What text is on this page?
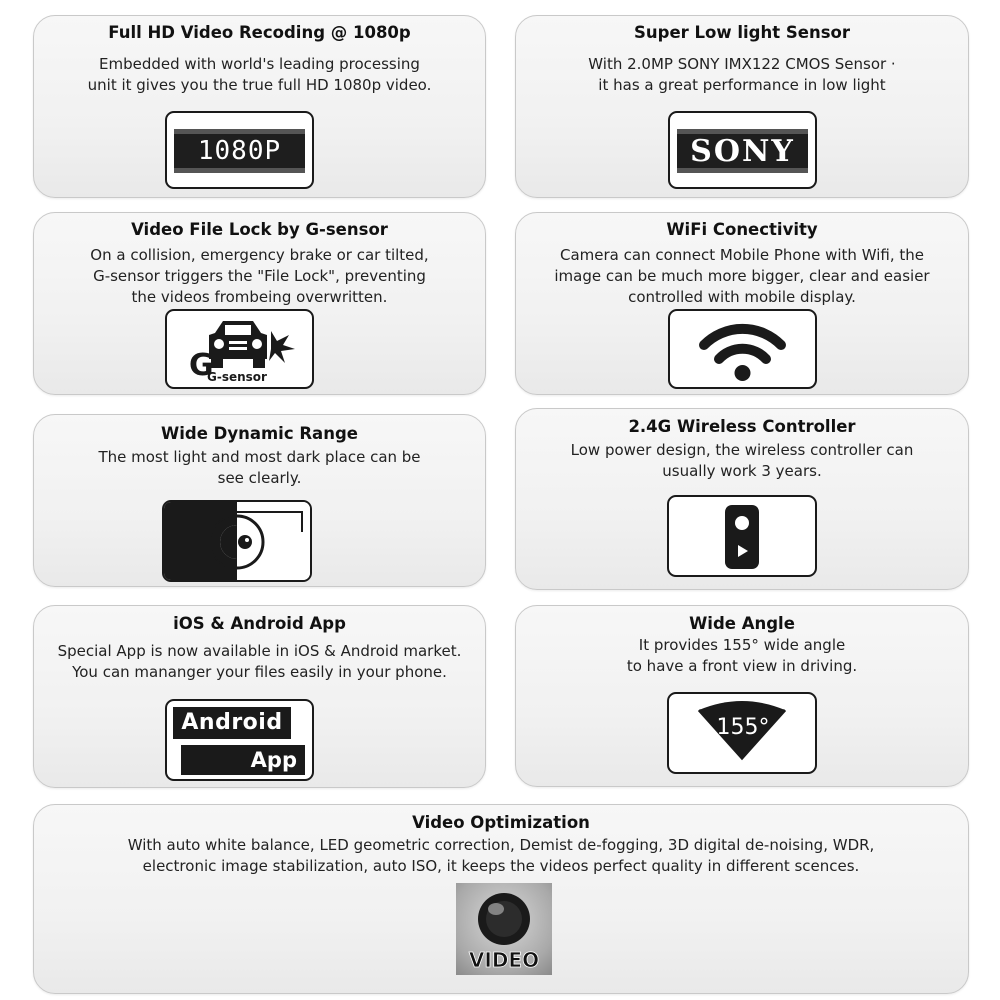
Full HD Video Recoding @ 1080p
Embedded with world's leading processing
unit it gives you the true full HD 1080p video.
1080P
Super Low light Sensor
With 2.0MP SONY IMX122 CMOS Sensor ·
it has a great performance in low light
SONY
Video File Lock by G-sensor
On a collision, emergency brake or car tilted,
G-sensor triggers the "File Lock", preventing
the videos frombeing overwritten.
G
G-sensor
WiFi Conectivity
Camera can connect Mobile Phone with Wifi, the
image can be much more bigger, clear and easier
controlled with mobile display.
Wide Dynamic Range
The most light and most dark place can be
see clearly.
2.4G Wireless Controller
Low power design, the wireless controller can
usually work 3 years.
iOS & Android App
Special App is now available in iOS & Android market.
You can mananger your files easily in your phone.
Android
App
Wide Angle
It provides 155° wide angle
to have a front view in driving.
155°
Video Optimization
With auto white balance, LED geometric correction, Demist de-fogging, 3D digital de-noising, WDR,
electronic image stabilization, auto ISO, it keeps the videos perfect quality in different scences.
VIDEO
